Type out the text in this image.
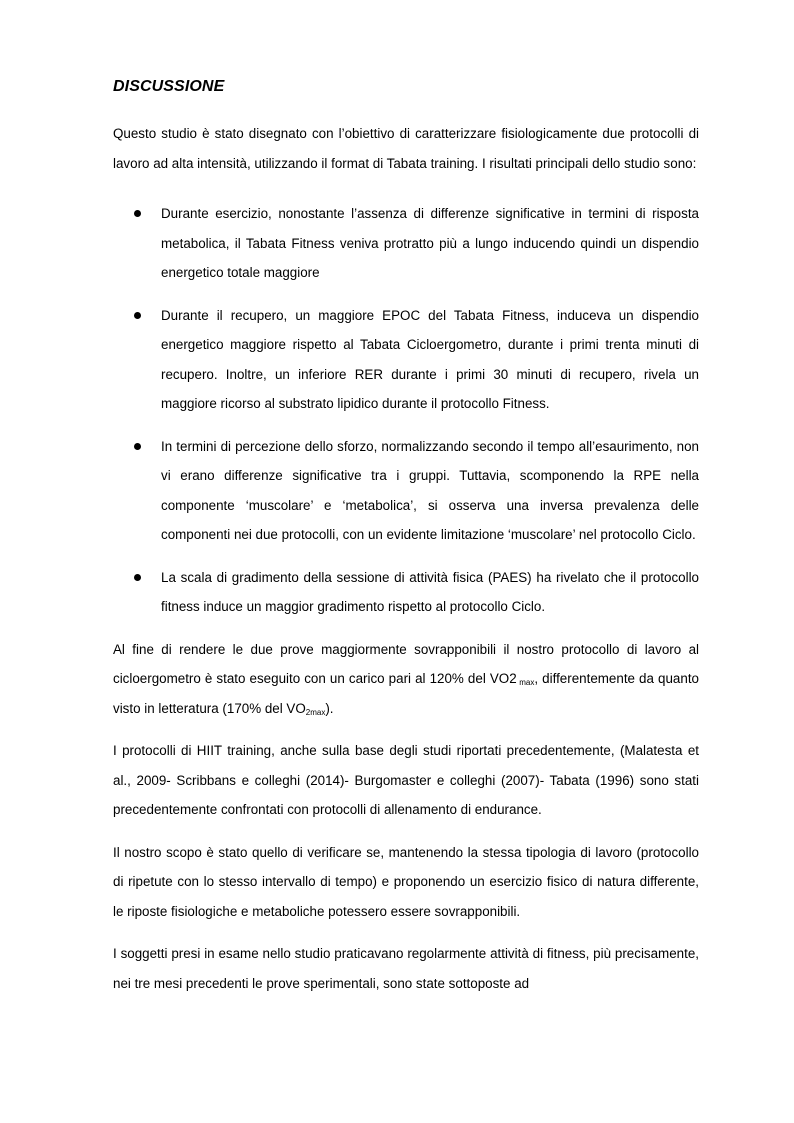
DISCUSSIONE

Questo studio è stato disegnato con l’obiettivo di caratterizzare fisiologicamente due protocolli di lavoro ad alta intensità, utilizzando il format di Tabata training. I risultati principali dello studio sono:

Durante esercizio, nonostante l’assenza di differenze significative in termini di risposta metabolica, il Tabata Fitness veniva protratto più a lungo inducendo quindi un dispendio energetico totale maggiore

Durante il recupero, un maggiore EPOC del Tabata Fitness, induceva un dispendio energetico maggiore rispetto al Tabata Cicloergometro, durante i primi trenta minuti di recupero. Inoltre, un inferiore RER durante i primi 30 minuti di recupero, rivela un maggiore ricorso al substrato lipidico durante il protocollo Fitness.

In termini di percezione dello sforzo, normalizzando secondo il tempo all’esaurimento, non vi erano differenze significative tra i gruppi. Tuttavia, scomponendo la RPE nella componente ‘muscolare’ e ‘metabolica’, si osserva una inversa prevalenza delle componenti nei due protocolli, con un evidente limitazione ‘muscolare’ nel protocollo Ciclo.

La scala di gradimento della sessione di attività fisica (PAES) ha rivelato che il protocollo fitness induce un maggior gradimento rispetto al protocollo Ciclo.

Al fine di rendere le due prove maggiormente sovrapponibili il nostro protocollo di lavoro al cicloergometro è stato eseguito con un carico pari al 120% del VO2 $_{max}$, differentemente da quanto visto in letteratura (170% del $VO_{2max}$).

I protocolli di HIIT training, anche sulla base degli studi riportati precedentemente, (Malatesta et al., 2009- Scribbans e colleghi (2014)- Burgomaster e colleghi (2007)- Tabata (1996) sono stati precedentemente confrontati con protocolli di allenamento di endurance.

Il nostro scopo è stato quello di verificare se, mantenendo la stessa tipologia di lavoro (protocollo di ripetute con lo stesso intervallo di tempo) e proponendo un esercizio fisico di natura differente, le riposte fisiologiche e metaboliche potessero essere sovrapponibili.

I soggetti presi in esame nello studio praticavano regolarmente attività di fitness, più precisamente, nei tre mesi precedenti le prove sperimentali, sono state sottoposte ad
